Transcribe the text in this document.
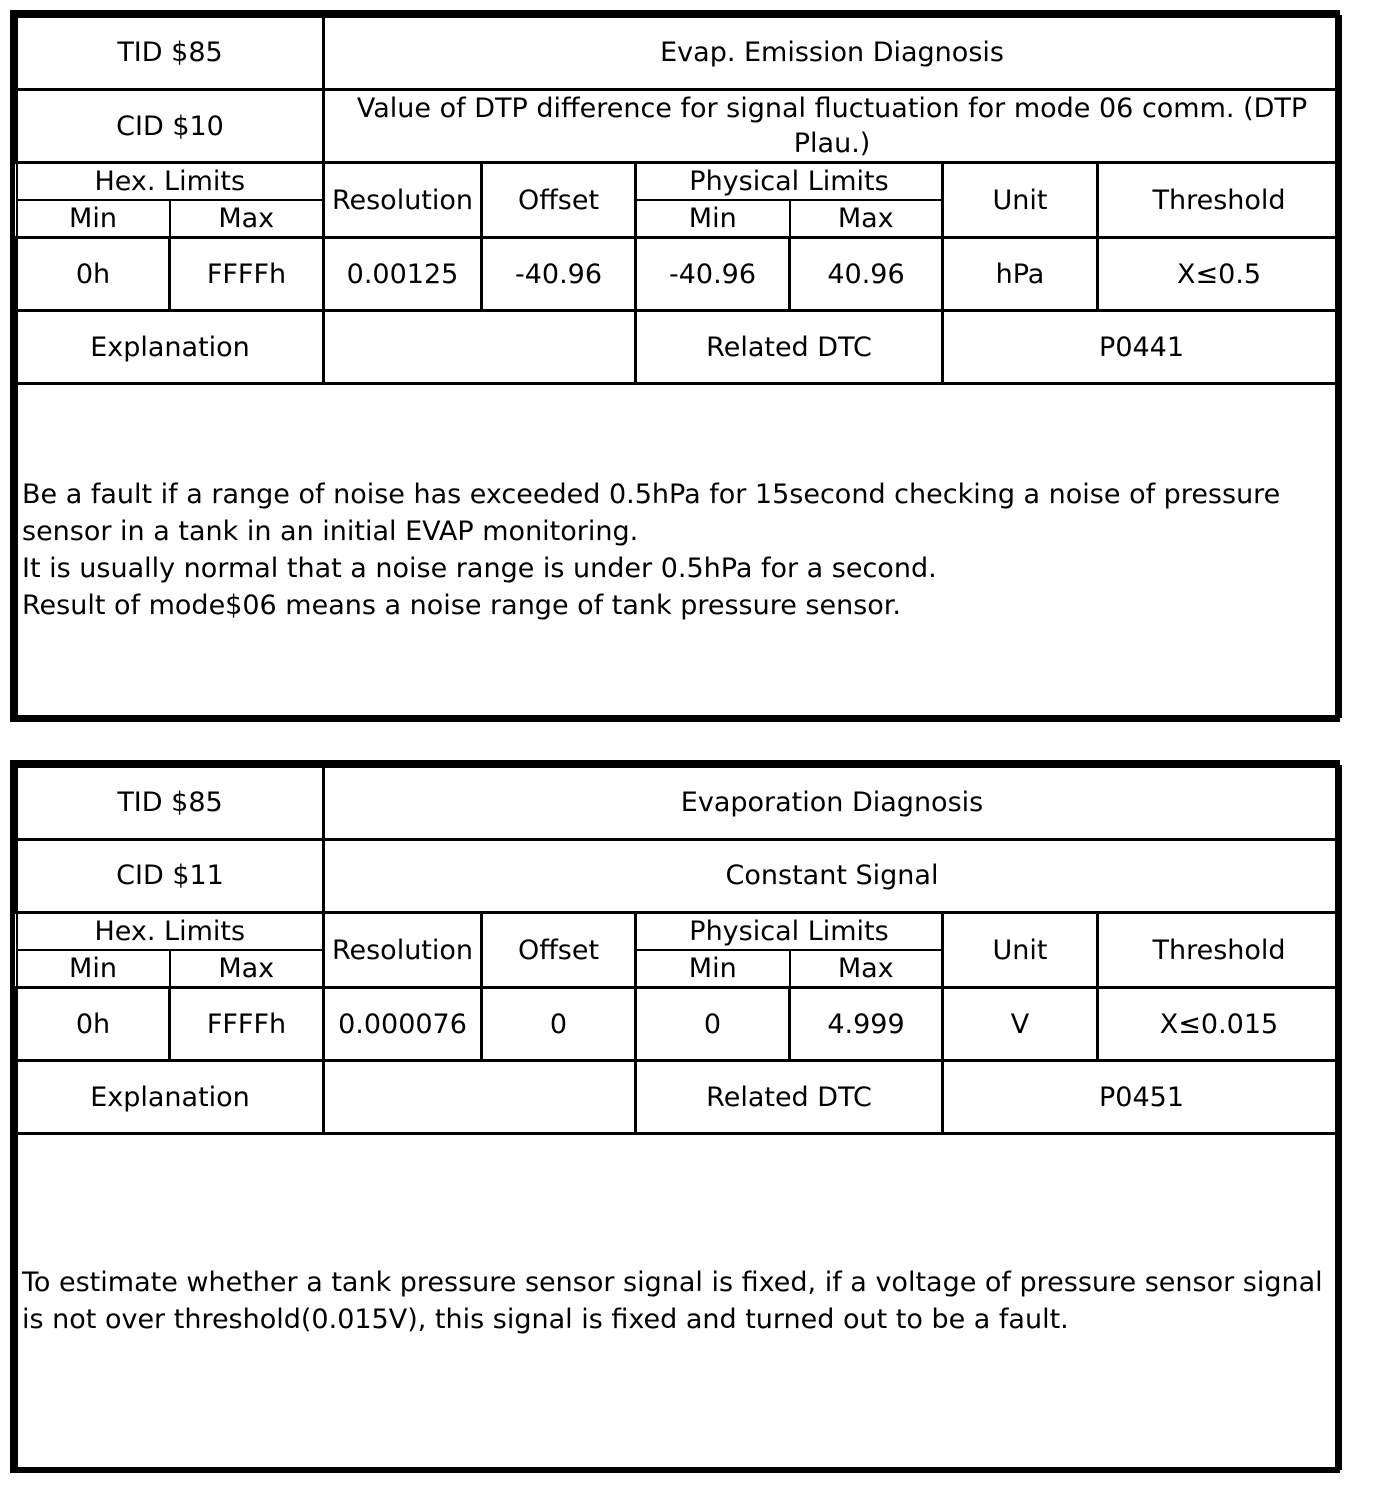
TID $85		Evap. Emission Diagnosis					
CID $10		Value of DTP difference for signal fluctuation for mode 06 comm. (DTP Plau.)					
Hex. Limits		Resolution	Offset	Physical Limits		Unit	Threshold
Min	Max			Min	Max		
0h	FFFFh	0.00125	-40.96	-40.96	40.96	hPa	X≤0.5
Explanation				Related DTC		P0441	

Be a fault if a range of noise has exceeded 0.5hPa for 15second checking a noise of pressure sensor in a tank in an initial EVAP monitoring.

It is usually normal that a noise range is under 0.5hPa for a second.

Result of mode$06 means a noise range of tank pressure sensor.							

TID $85		Evaporation Diagnosis					
CID $11		Constant Signal					
Hex. Limits		Resolution	Offset	Physical Limits		Unit	Threshold
Min	Max			Min	Max		
0h	FFFFh	0.000076	0	0	4.999	V	X≤0.015
Explanation				Related DTC		P0451	

To estimate whether a tank pressure sensor signal is fixed, if a voltage of pressure sensor signal is not over threshold(0.015V), this signal is fixed and turned out to be a fault.							
